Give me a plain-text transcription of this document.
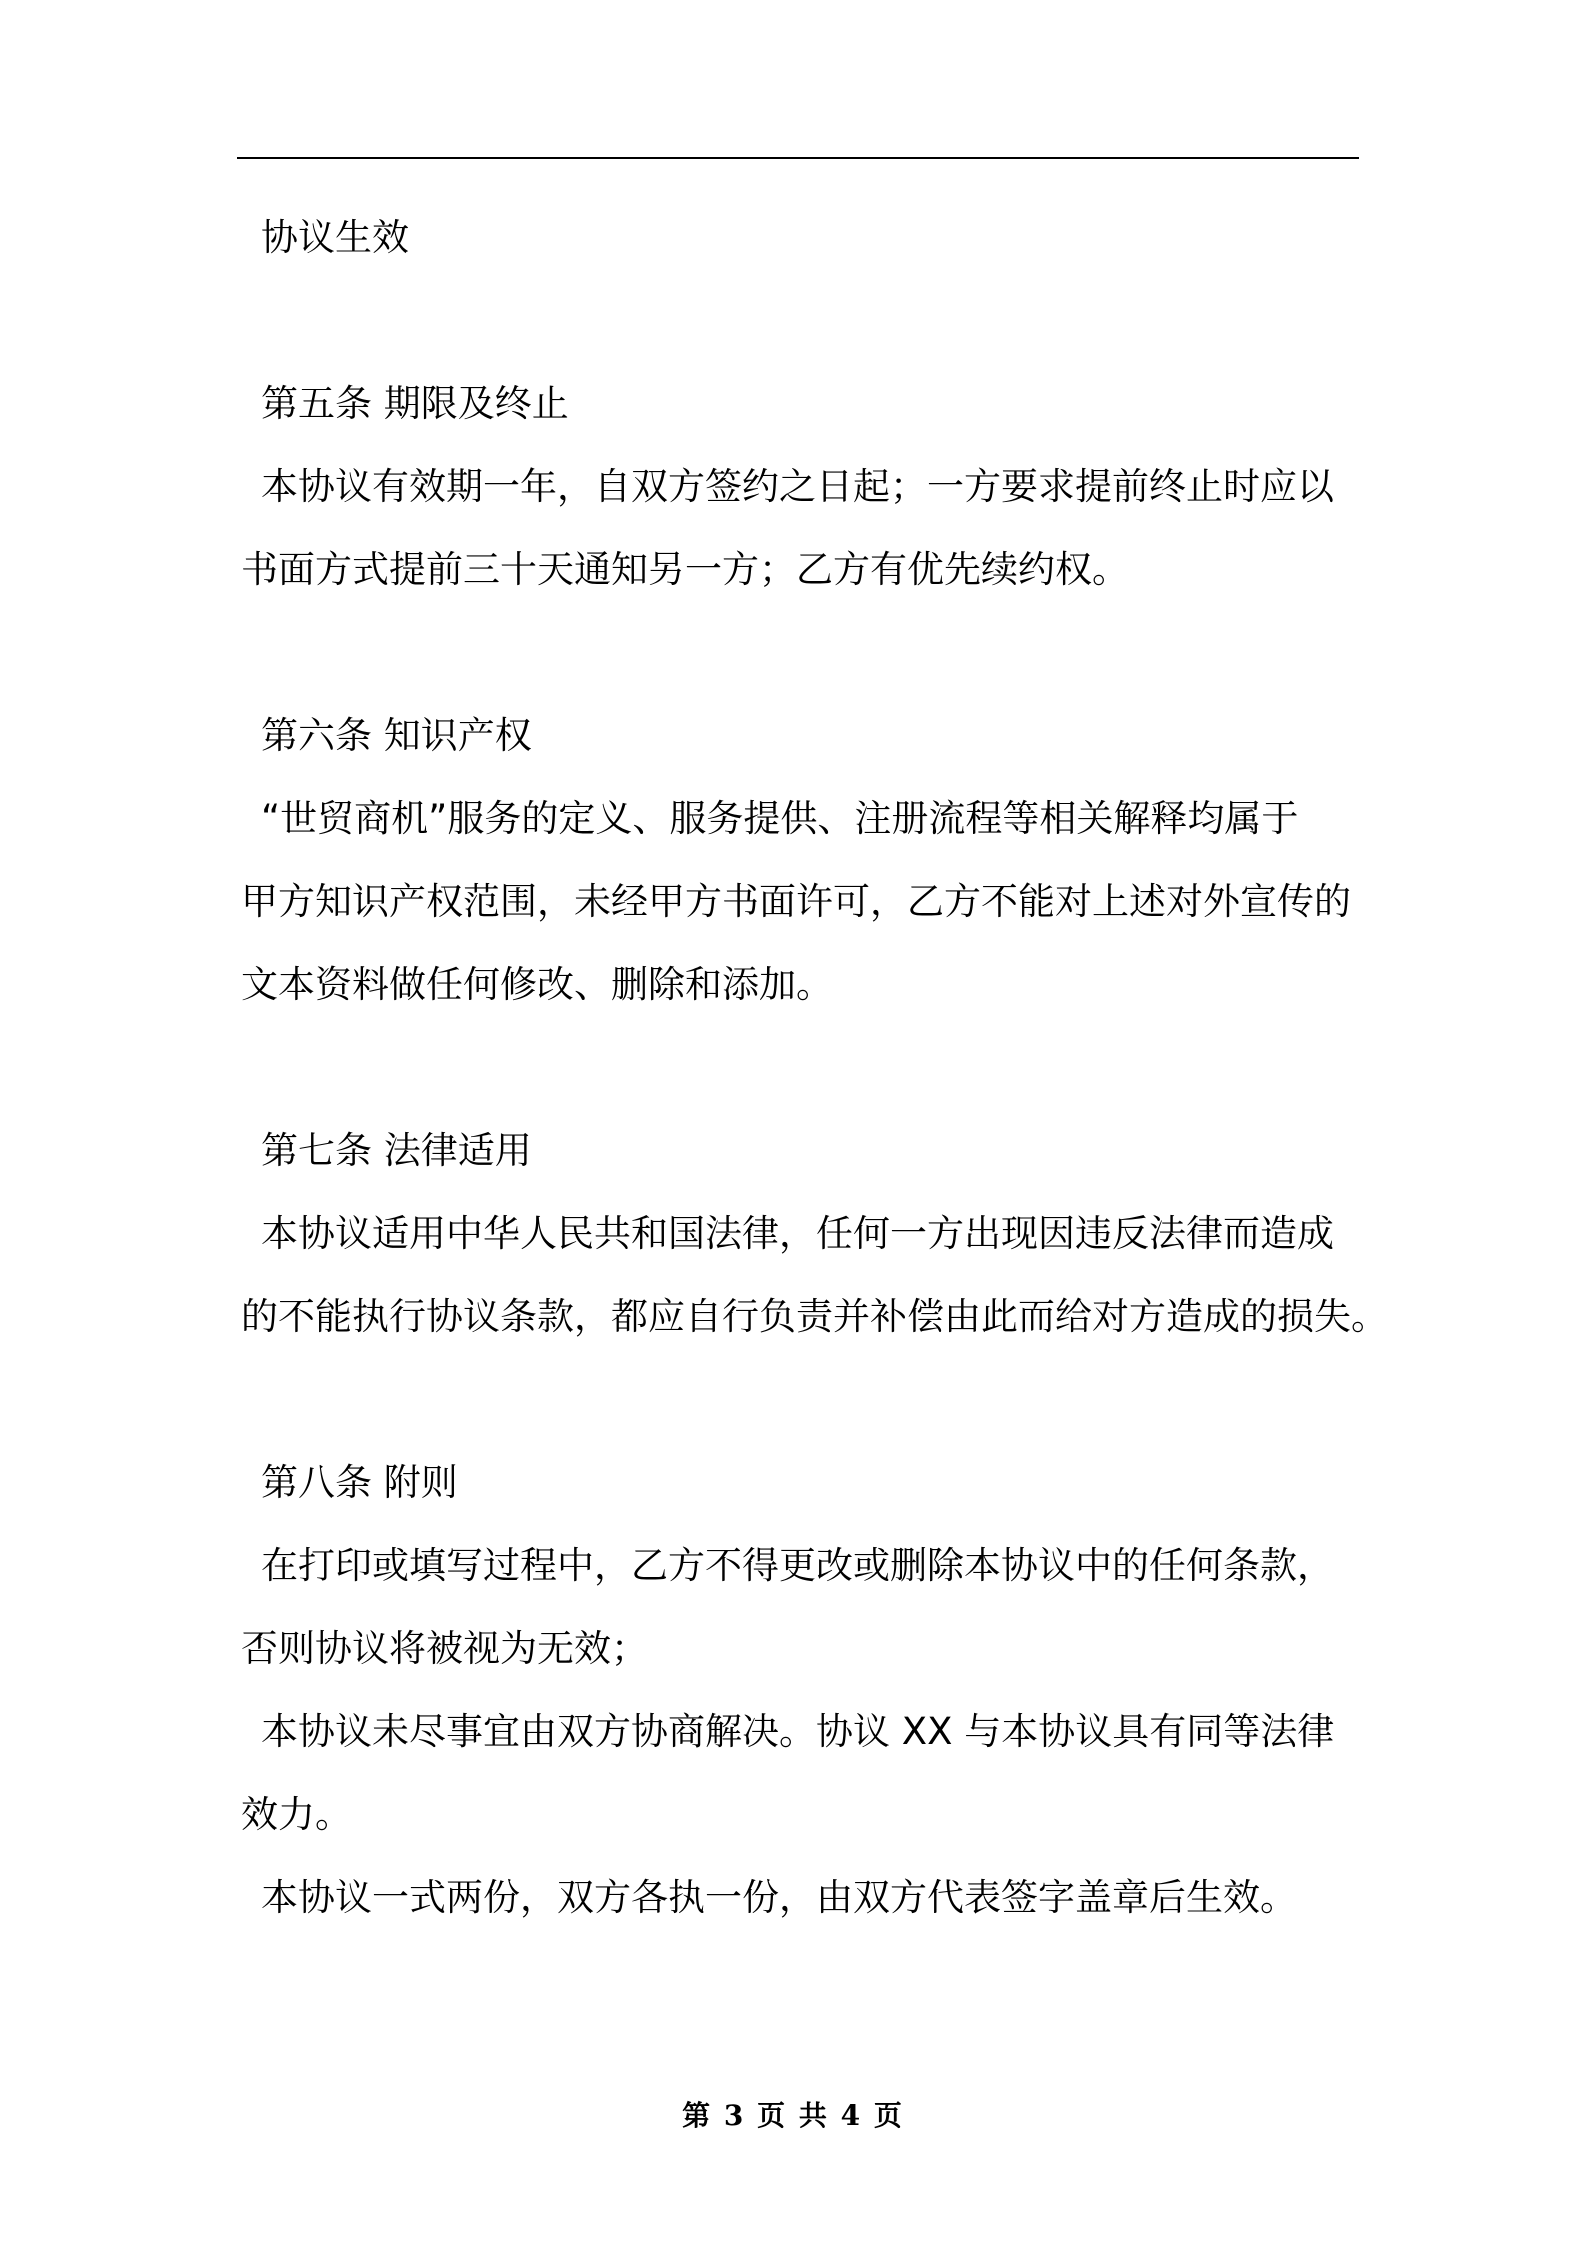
协议生效

第五条 期限及终止

本协议有效期一年，自双方签约之日起；一方要求提前终止时应以

书面方式提前三十天通知另一方；乙方有优先续约权。

第六条 知识产权

“世贸商机”服务的定义、服务提供、注册流程等相关解释均属于

甲方知识产权范围，未经甲方书面许可，乙方不能对上述对外宣传的

文本资料做任何修改、删除和添加。

第七条 法律适用

本协议适用中华人民共和国法律，任何一方出现因违反法律而造成

的不能执行协议条款，都应自行负责并补偿由此而给对方造成的损失。

第八条 附则

在打印或填写过程中，乙方不得更改或删除本协议中的任何条款，

否则协议将被视为无效；

本协议未尽事宜由双方协商解决。协议 XX 与本协议具有同等法律

效力。

本协议一式两份，双方各执一份，由双方代表签字盖章后生效。

第 3 页 共 4 页
